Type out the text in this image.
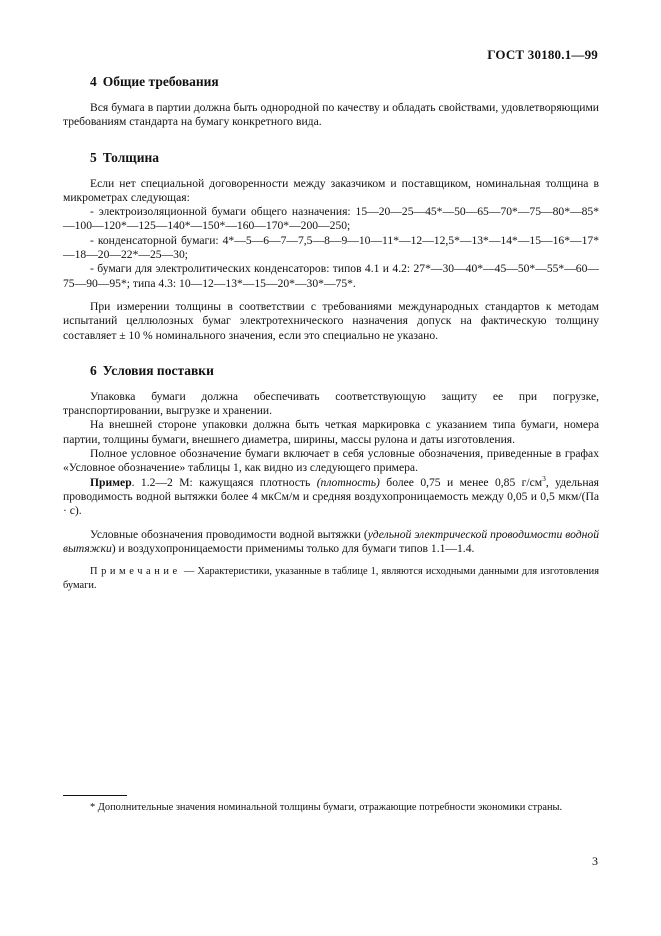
ГОСТ 30180.1—99
4 Общие требования

Вся бумага в партии должна быть однородной по качеству и обладать свойствами, удовлетворяющими требованиям стандарта на бумагу конкретного вида.

5 Толщина

Если нет специальной договоренности между заказчиком и поставщиком, номинальная толщина в микрометрах следующая:

- электроизоляционной бумаги общего назначения: 15—20—25—45*—50—65—70*—75—80*—85*—100—120*—125—140*—150*—160—170*—200—250;

- конденсаторной бумаги: 4*—5—6—7—7,5—8—9—10—11*—12—12,5*—13*—14*—15—16*—17*—18—20—22*—25—30;

- бумаги для электролитических конденсаторов: типов 4.1 и 4.2: 27*—30—40*—45—50*—55*—60—75—90—95*; типа 4.3: 10—12—13*—15—20*—30*—75*.

При измерении толщины в соответствии с требованиями международных стандартов к методам испытаний целлюлозных бумаг электротехнического назначения допуск на фактическую толщину составляет ± 10 % номинального значения, если это специально не указано.

6 Условия поставки

Упаковка бумаги должна обеспечивать соответствующую защиту ее при погрузке, транспортировании, выгрузке и хранении.

На внешней стороне упаковки должна быть четкая маркировка с указанием типа бумаги, номера партии, толщины бумаги, внешнего диаметра, ширины, массы рулона и даты изготовления.

Полное условное обозначение бумаги включает в себя условные обозначения, приведенные в графах «Условное обозначение» таблицы 1, как видно из следующего примера.

Пример. 1.2—2 М: кажущаяся плотность (плотность) более 0,75 и менее 0,85 $г/см^3$, удельная проводимость водной вытяжки более 4 мкСм/м и средняя воздухопроницаемость между 0,05 и 0,5 мкм/(Па · с).

Условные обозначения проводимости водной вытяжки (удельной электрической проводимости водной вытяжки) и воздухопроницаемости применимы только для бумаги типов 1.1—1.4.

Примечание — Характеристики, указанные в таблице 1, являются исходными данными для изготовления бумаги.

* Дополнительные значения номинальной толщины бумаги, отражающие потребности экономики страны.

3
